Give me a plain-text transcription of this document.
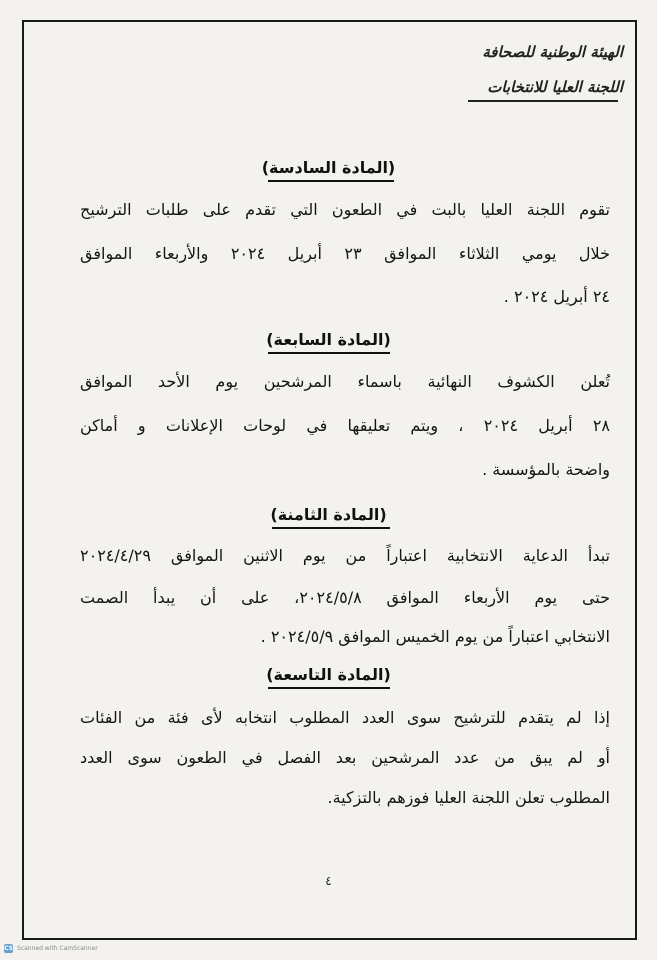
الهيئة الوطنية للصحافة
اللجنة العليا للانتخابات
(المادة السادسة)
تقوم اللجنة العليا بالبت في الطعون التي تقدم على طلبات الترشيح
خلال يومي الثلاثاء الموافق ٢٣ أبريل ٢٠٢٤ والأربعاء الموافق
٢٤ أبريل ٢٠٢٤ .
(المادة السابعة)
تُعلن الكشوف النهائية باسماء المرشحين يوم الأحد الموافق
٢٨ أبريل ٢٠٢٤ ، ويتم تعليقها في لوحات الإعلانات و أماكن
واضحة بالمؤسسة .
(المادة الثامنة)
تبدأ الدعاية الانتخابية اعتباراً من يوم الاثنين الموافق ٢٠٢٤/٤/٢٩
حتى يوم الأربعاء الموافق ٢٠٢٤/٥/٨، على أن يبدأ الصمت
الانتخابي اعتباراً من يوم الخميس الموافق ٢٠٢٤/٥/٩ .
(المادة التاسعة)
إذا لم يتقدم للترشيح سوى العدد المطلوب انتخابه لأى فئة من الفئات
أو لم يبق من عدد المرشحين بعد الفصل في الطعون سوى العدد
المطلوب تعلن اللجنة العليا فوزهم بالتزكية.
٤
CS Scanned with CamScanner
